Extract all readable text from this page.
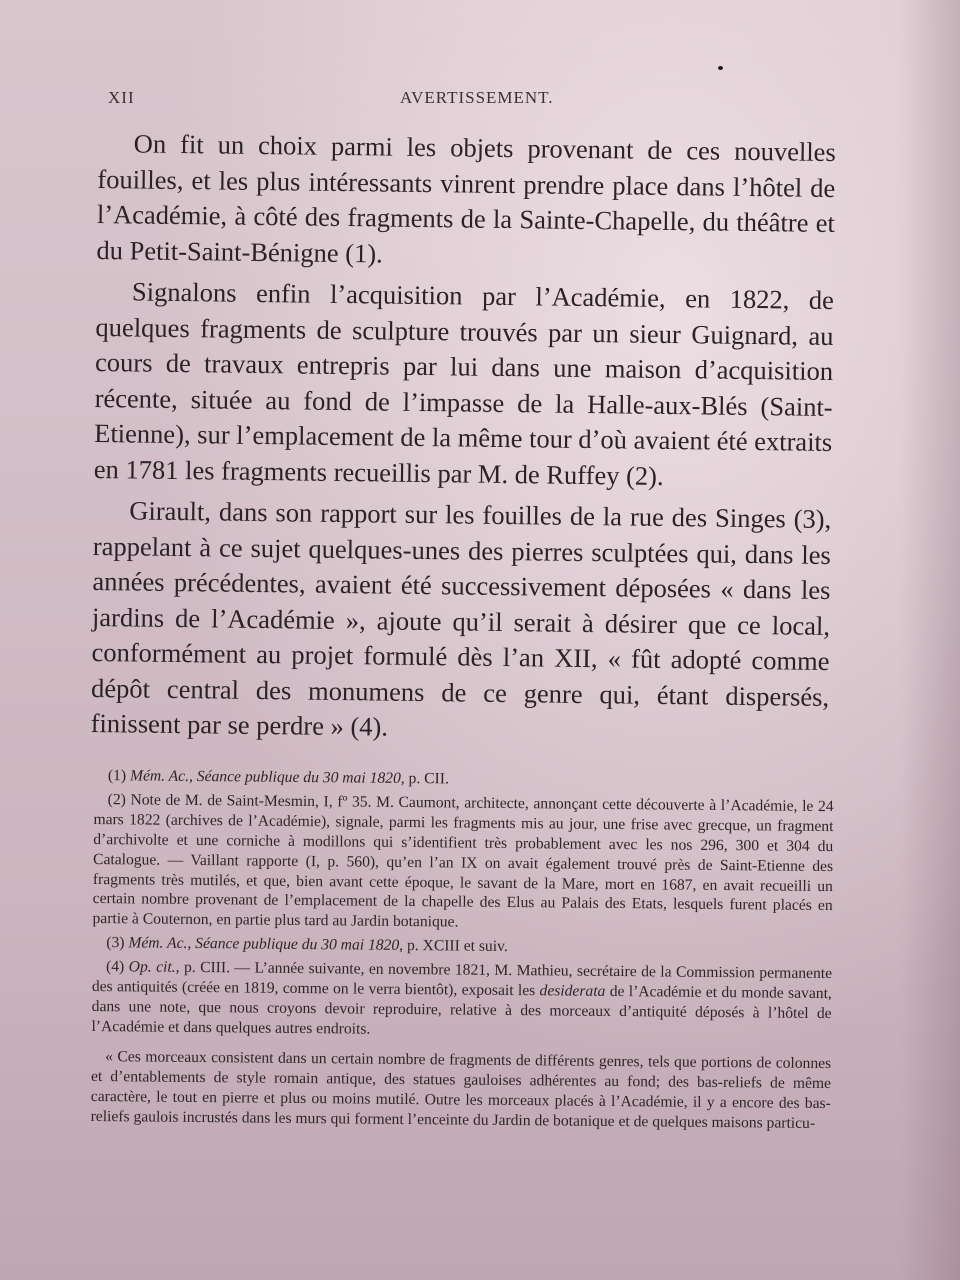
XII	AVERTISSEMENT.

On fit un choix parmi les objets provenant de ces nouvelles fouilles, et les plus intéressants vinrent prendre place dans l’hôtel de l’Académie, à côté des fragments de la Sainte-Chapelle, du théâtre et du Petit-Saint-Bénigne (1).

Signalons enfin l’acquisition par l’Académie, en 1822, de quelques fragments de sculpture trouvés par un sieur Guignard, au cours de travaux entrepris par lui dans une maison d’acquisition récente, située au fond de l’impasse de la Halle-aux-Blés (Saint-Etienne), sur l’emplacement de la même tour d’où avaient été extraits en 1781 les fragments recueillis par M. de Ruffey (2).

Girault, dans son rapport sur les fouilles de la rue des Singes (3), rappelant à ce sujet quelques-unes des pierres sculptées qui, dans les années précédentes, avaient été successivement déposées « dans les jardins de l’Académie », ajoute qu’il serait à désirer que ce local, conformément au projet formulé dès l’an XII, « fût adopté comme dépôt central des monumens de ce genre qui, étant dispersés, finissent par se perdre » (4).

(1) Mém. Ac., Séance publique du 30 mai 1820, p. CII.

(2) Note de M. de Saint-Mesmin, I, fº 35. M. Caumont, architecte, annonçant cette découverte à l’Académie, le 24 mars 1822 (archives de l’Académie), signale, parmi les fragments mis au jour, une frise avec grecque, un fragment d’archivolte et une corniche à modillons qui s’identifient très probablement avec les nos 296, 300 et 304 du Catalogue. — Vaillant rapporte (I, p. 560), qu’en l’an IX on avait également trouvé près de Saint-Etienne des fragments très mutilés, et que, bien avant cette époque, le savant de la Mare, mort en 1687, en avait recueilli un certain nombre provenant de l’emplacement de la chapelle des Elus au Palais des Etats, lesquels furent placés en partie à Couternon, en partie plus tard au Jardin botanique.

(3) Mém. Ac., Séance publique du 30 mai 1820, p. XCIII et suiv.

(4) Op. cit., p. CIII. — L’année suivante, en novembre 1821, M. Mathieu, secrétaire de la Commission permanente des antiquités (créée en 1819, comme on le verra bientôt), exposait les desiderata de l’Académie et du monde savant, dans une note, que nous croyons devoir reproduire, relative à des morceaux d’antiquité déposés à l’hôtel de l’Académie et dans quelques autres endroits.

« Ces morceaux consistent dans un certain nombre de fragments de différents genres, tels que portions de colonnes et d’entablements de style romain antique, des statues gauloises adhérentes au fond; des bas-reliefs de même caractère, le tout en pierre et plus ou moins mutilé. Outre les morceaux placés à l’Académie, il y a encore des bas-reliefs gaulois incrustés dans les murs qui forment l’enceinte du Jardin de botanique et de quelques maisons particu-
